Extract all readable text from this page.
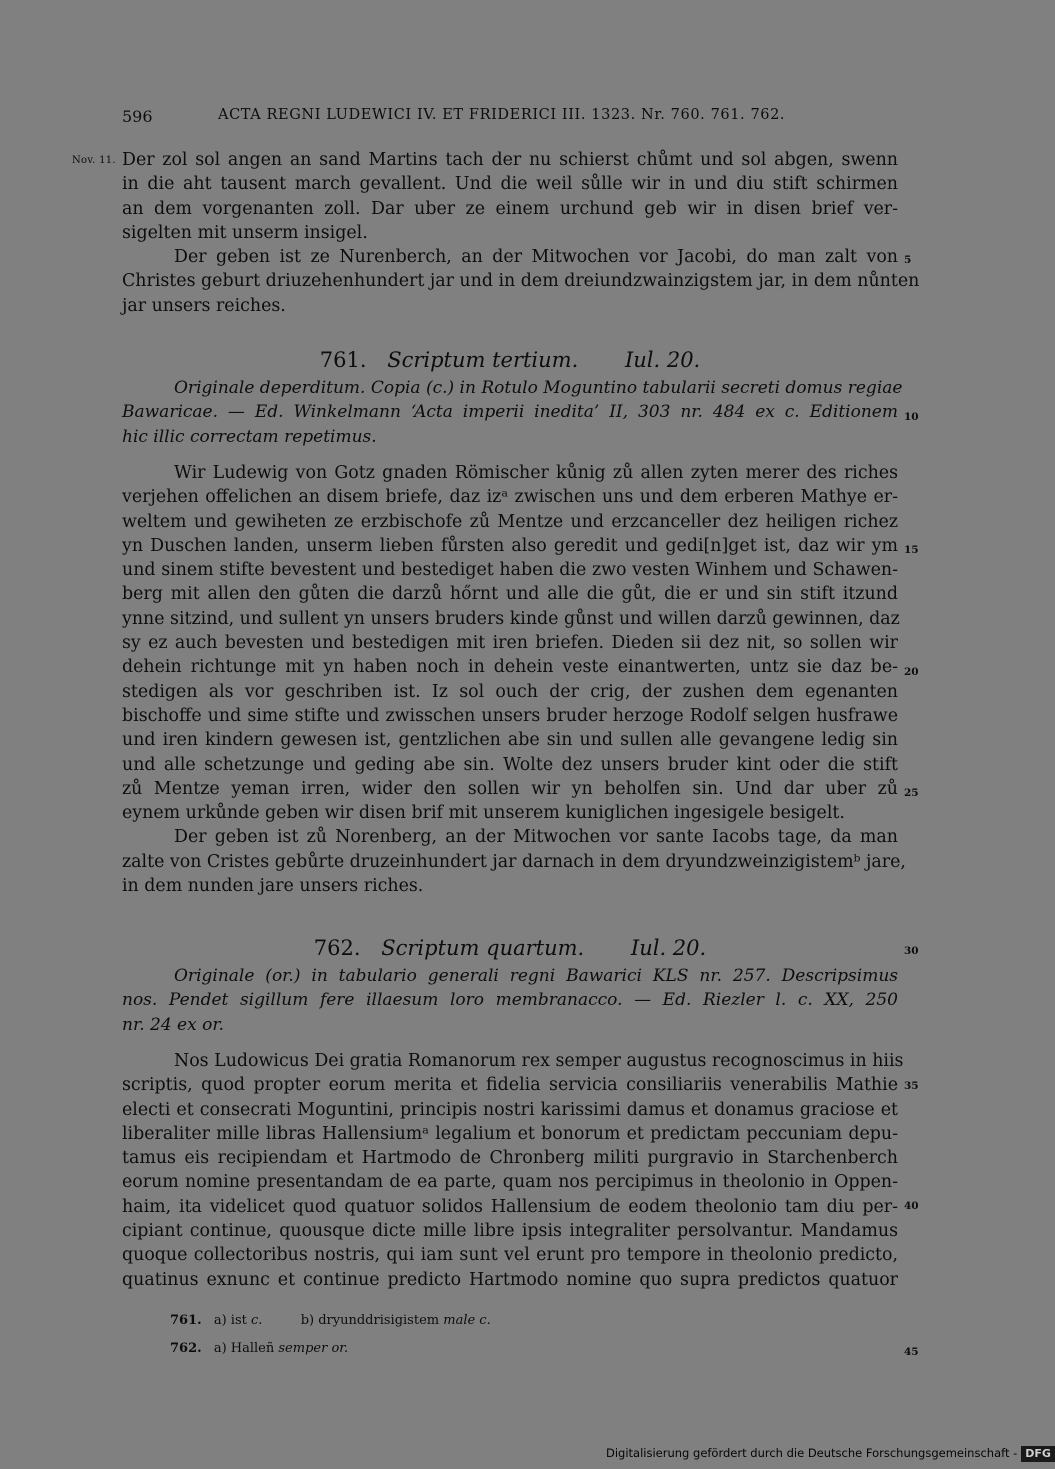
596	ACTA REGNI LUDEWICI IV. ET FRIDERICI III. 1323. Nr. 760. 761. 762.
Nov. 11. Der zol sol angen an sand Martins tach der nu schierst chůmt und sol abgen, swenn
in die aht tausent march gevallent. Und die weil sůlle wir in und diu stift schirmen
an dem vorgenanten zoll. Dar uber ze einem urchund geb wir in disen brief ver-
sigelten mit unserm insigel.
Der geben ist ze Nurenberch, an der Mitwochen vor Jacobi, do man zalt von
Christes geburt driuzehenhundert jar und in dem dreiundzwainzigstem jar, in dem nůnten
jar unsers reiches.
761. Scriptum tertium. Iul. 20.
Originale deperditum. Copia (c.) in Rotulo Moguntino tabularii secreti domus regiae
Bawaricae. — Ed. Winkelmann ‘Acta imperii inedita’ II, 303 nr. 484 ex c. Editionem
hic illic correctam repetimus.
Wir Ludewig von Gotz gnaden Römischer kůnig zů allen zyten merer des riches
verjehen offelichen an disem briefe, daz izᵃ zwischen uns und dem erberen Mathye er-
weltem und gewiheten ze erzbischofe zů Mentze und erzcanceller dez heiligen richez
yn Duschen landen, unserm lieben fůrsten also geredit und gedi[n]get ist, daz wir ym
und sinem stifte bevestent und bestediget haben die zwo vesten Winhem und Schawen-
berg mit allen den gůten die darzů hőrnt und alle die gůt, die er und sin stift itzund
ynne sitzind, und sullent yn unsers bruders kinde gůnst und willen darzů gewinnen, daz
sy ez auch bevesten und bestedigen mit iren briefen. Dieden sii dez nit, so sollen wir
dehein richtunge mit yn haben noch in dehein veste einantwerten, untz sie daz be-
stedigen als vor geschriben ist. Iz sol ouch der crig, der zushen dem egenanten
bischoffe und sime stifte und zwisschen unsers bruder herzoge Rodolf selgen husfrawe
und iren kindern gewesen ist, gentzlichen abe sin und sullen alle gevangene ledig sin
und alle schetzunge und geding abe sin. Wolte dez unsers bruder kint oder die stift
zů Mentze yeman irren, wider den sollen wir yn beholfen sin. Und dar uber zů
eynem urkůnde geben wir disen brif mit unserem kuniglichen ingesigele besigelt.
Der geben ist zů Norenberg, an der Mitwochen vor sante Iacobs tage, da man
zalte von Cristes gebůrte druzeinhundert jar darnach in dem dryundzweinzigistemᵇ jare,
in dem nunden jare unsers riches.
762. Scriptum quartum. Iul. 20.
Originale (or.) in tabulario generali regni Bawarici KLS nr. 257. Descripsimus
nos. Pendet sigillum fere illaesum loro membranacco. — Ed. Riezler l. c. XX, 250
nr. 24 ex or.
Nos Ludowicus Dei gratia Romanorum rex semper augustus recognoscimus in hiis
scriptis, quod propter eorum merita et fidelia servicia consiliariis venerabilis Mathie
electi et consecrati Moguntini, principis nostri karissimi damus et donamus graciose et
liberaliter mille libras Hallensiumᵃ legalium et bonorum et predictam peccuniam depu-
tamus eis recipiendam et Hartmodo de Chronberg militi purgravio in Starchenberch
eorum nomine presentandam de ea parte, quam nos percipimus in theolonio in Oppen-
haim, ita videlicet quod quatuor solidos Hallensium de eodem theolonio tam diu per-
cipiant continue, quousque dicte mille libre ipsis integraliter persolvantur. Mandamus
quoque collectoribus nostris, qui iam sunt vel erunt pro tempore in theolonio predicto,
quatinus exnunc et continue predicto Hartmodo nomine quo supra predictos quatuor
5
10
15
20
25
30
35
40
45
761. a) ist c.	b) dryunddrisigistem male c.
762. a) Halleñ semper or.
Digitalisierung gefördert durch die Deutsche Forschungsgemeinschaft - DFG
